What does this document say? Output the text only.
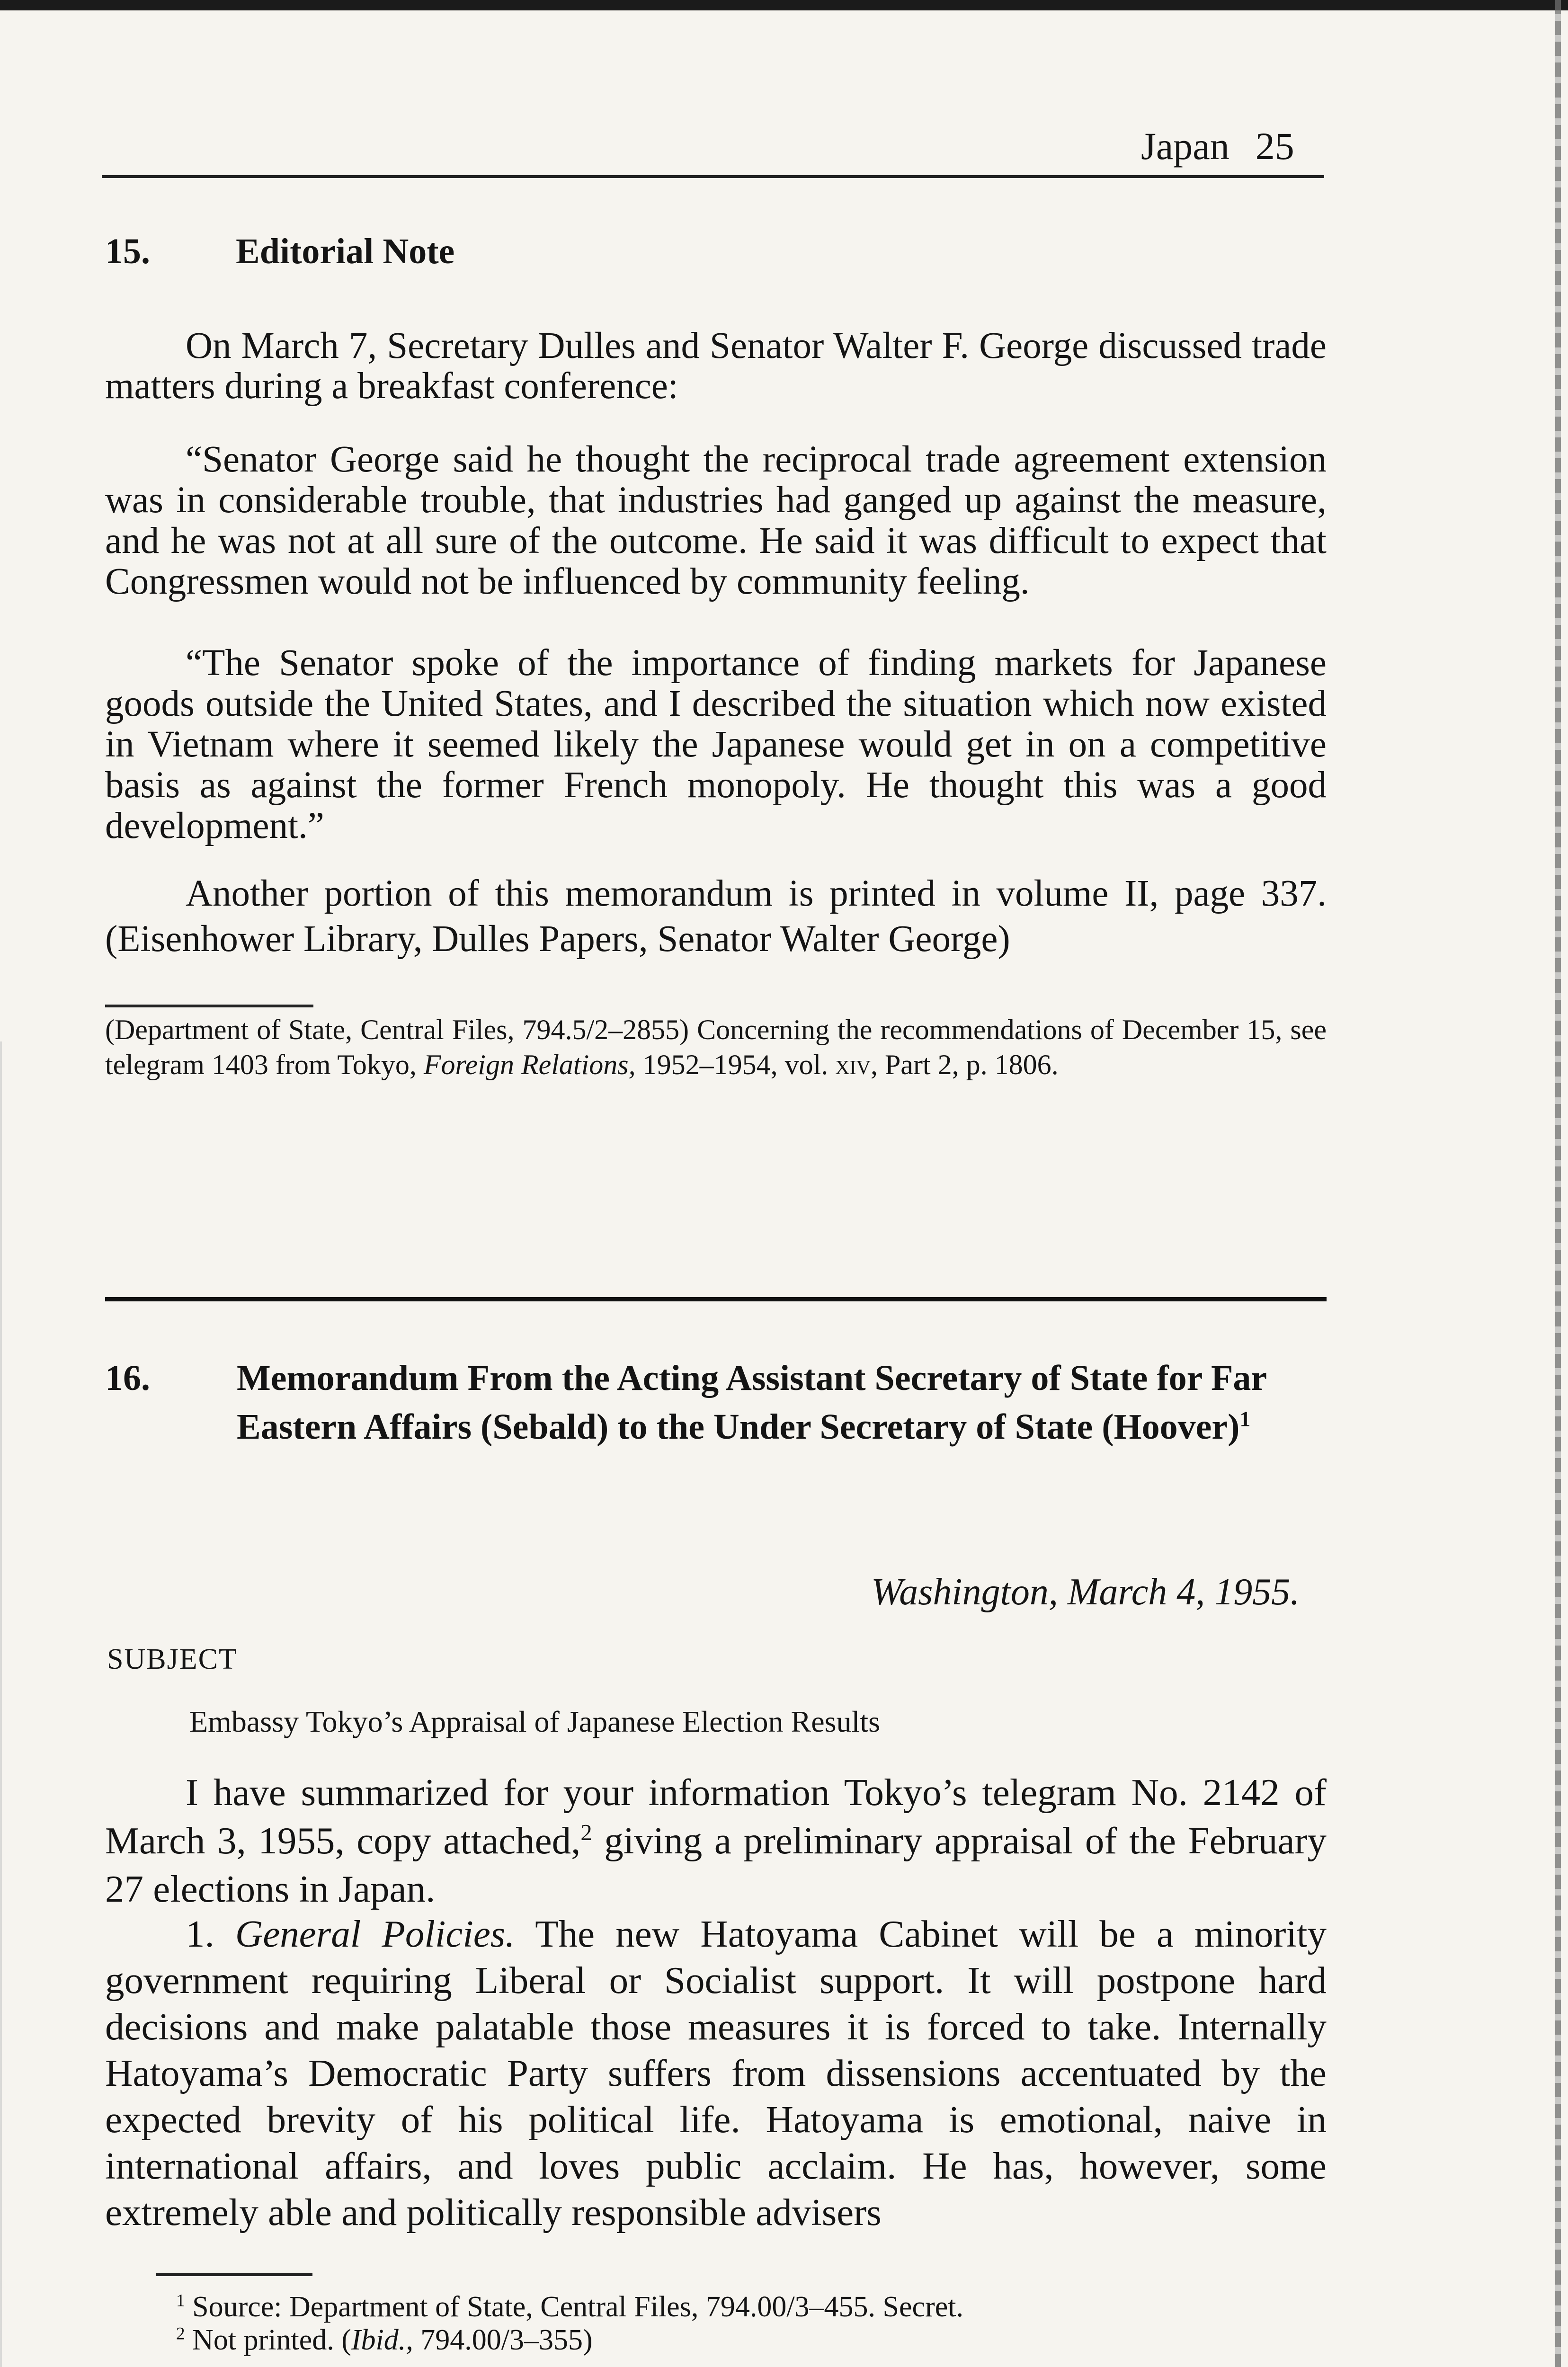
Japan 25
15. Editorial Note

On March 7, Secretary Dulles and Senator Walter F. George discussed trade matters during a breakfast conference:

“Senator George said he thought the reciprocal trade agreement extension was in considerable trouble, that industries had ganged up against the measure, and he was not at all sure of the outcome. He said it was difficult to expect that Congressmen would not be influenced by community feeling.

“The Senator spoke of the importance of finding markets for Japanese goods outside the United States, and I described the situation which now existed in Vietnam where it seemed likely the Japanese would get in on a competitive basis as against the former French monopoly. He thought this was a good development.”

Another portion of this memorandum is printed in volume II, page 337. (Eisenhower Library, Dulles Papers, Senator Walter George)

(Department of State, Central Files, 794.5/2–2855) Concerning the recommendations of December 15, see telegram 1403 from Tokyo, Foreign Relations, 1952–1954, vol. xiv, Part 2, p. 1806.

16. Memorandum From the Acting Assistant Secretary of State for Far Eastern Affairs (Sebald) to the Under Secretary of State (Hoover)$^1$
Washington, March 4, 1955.
SUBJECT
Embassy Tokyo’s Appraisal of Japanese Election Results

I have summarized for your information Tokyo’s telegram No. 2142 of March 3, 1955, copy attached,$^2$ giving a preliminary appraisal of the February 27 elections in Japan.

1. General Policies. The new Hatoyama Cabinet will be a minority government requiring Liberal or Socialist support. It will postpone hard decisions and make palatable those measures it is forced to take. Internally Hatoyama’s Democratic Party suffers from dissensions accentuated by the expected brevity of his political life. Hatoyama is emotional, naive in international affairs, and loves public acclaim. He has, however, some extremely able and politically responsible advisers

$^1$ Source: Department of State, Central Files, 794.00/3–455. Secret.
$^2$ Not printed. (Ibid., 794.00/3–355)
